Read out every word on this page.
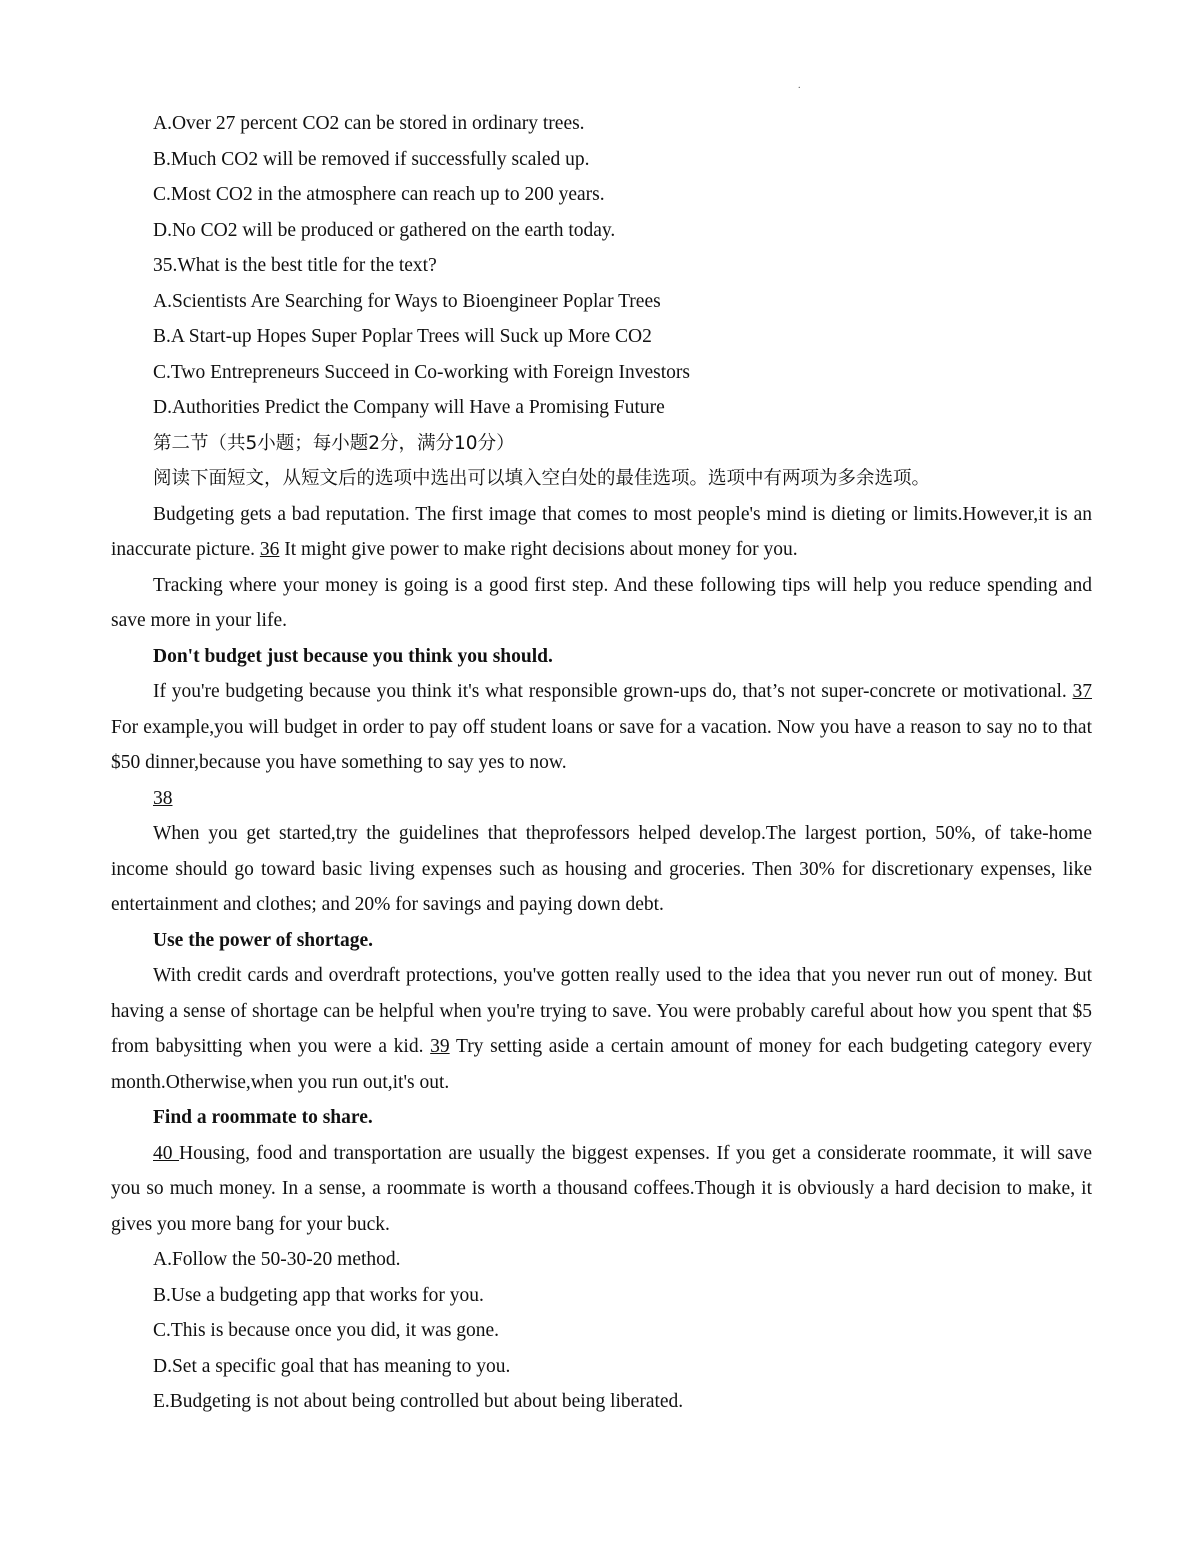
.

A.Over 27 percent CO2 can be stored in ordinary trees.

B.Much CO2 will be removed if successfully scaled up.

C.Most CO2 in the atmosphere can reach up to 200 years.

D.No CO2 will be produced or gathered on the earth today.

35.What is the best title for the text?

A.Scientists Are Searching for Ways to Bioengineer Poplar Trees

B.A Start-up Hopes Super Poplar Trees will Suck up More CO2

C.Two Entrepreneurs Succeed in Co-working with Foreign Investors

D.Authorities Predict the Company will Have a Promising Future

第二节（共5小题；每小题2分，满分10分）

阅读下面短文，从短文后的选项中选出可以填入空白处的最佳选项。选项中有两项为多余选项。

Budgeting gets a bad reputation. The first image that comes to most people's mind is dieting or limits.However,it is an inaccurate picture. 36 It might give power to make right decisions about money for you.

Tracking where your money is going is a good first step. And these following tips will help you reduce spending and save more in your life.

Don't budget just because you think you should.

If you're budgeting because you think it's what responsible grown-ups do, that’s not super-concrete or motivational. 37 For example,you will budget in order to pay off student loans or save for a vacation. Now you have a reason to say no to that $50 dinner,because you have something to say yes to now.

38

When you get started,try the guidelines that theprofessors helped develop.The largest portion, 50%, of take-home income should go toward basic living expenses such as housing and groceries. Then 30% for discretionary expenses, like entertainment and clothes; and 20% for savings and paying down debt.

Use the power of shortage.

With credit cards and overdraft protections, you've gotten really used to the idea that you never run out of money. But having a sense of shortage can be helpful when you're trying to save. You were probably careful about how you spent that $5 from babysitting when you were a kid. 39 Try setting aside a certain amount of money for each budgeting category every month.Otherwise,when you run out,it's out.

Find a roommate to share.

40 Housing, food and transportation are usually the biggest expenses. If you get a considerate roommate, it will save you so much money. In a sense, a roommate is worth a thousand coffees.Though it is obviously a hard decision to make, it gives you more bang for your buck.

A.Follow the 50-30-20 method.

B.Use a budgeting app that works for you.

C.This is because once you did, it was gone.

D.Set a specific goal that has meaning to you.

E.Budgeting is not about being controlled but about being liberated.
